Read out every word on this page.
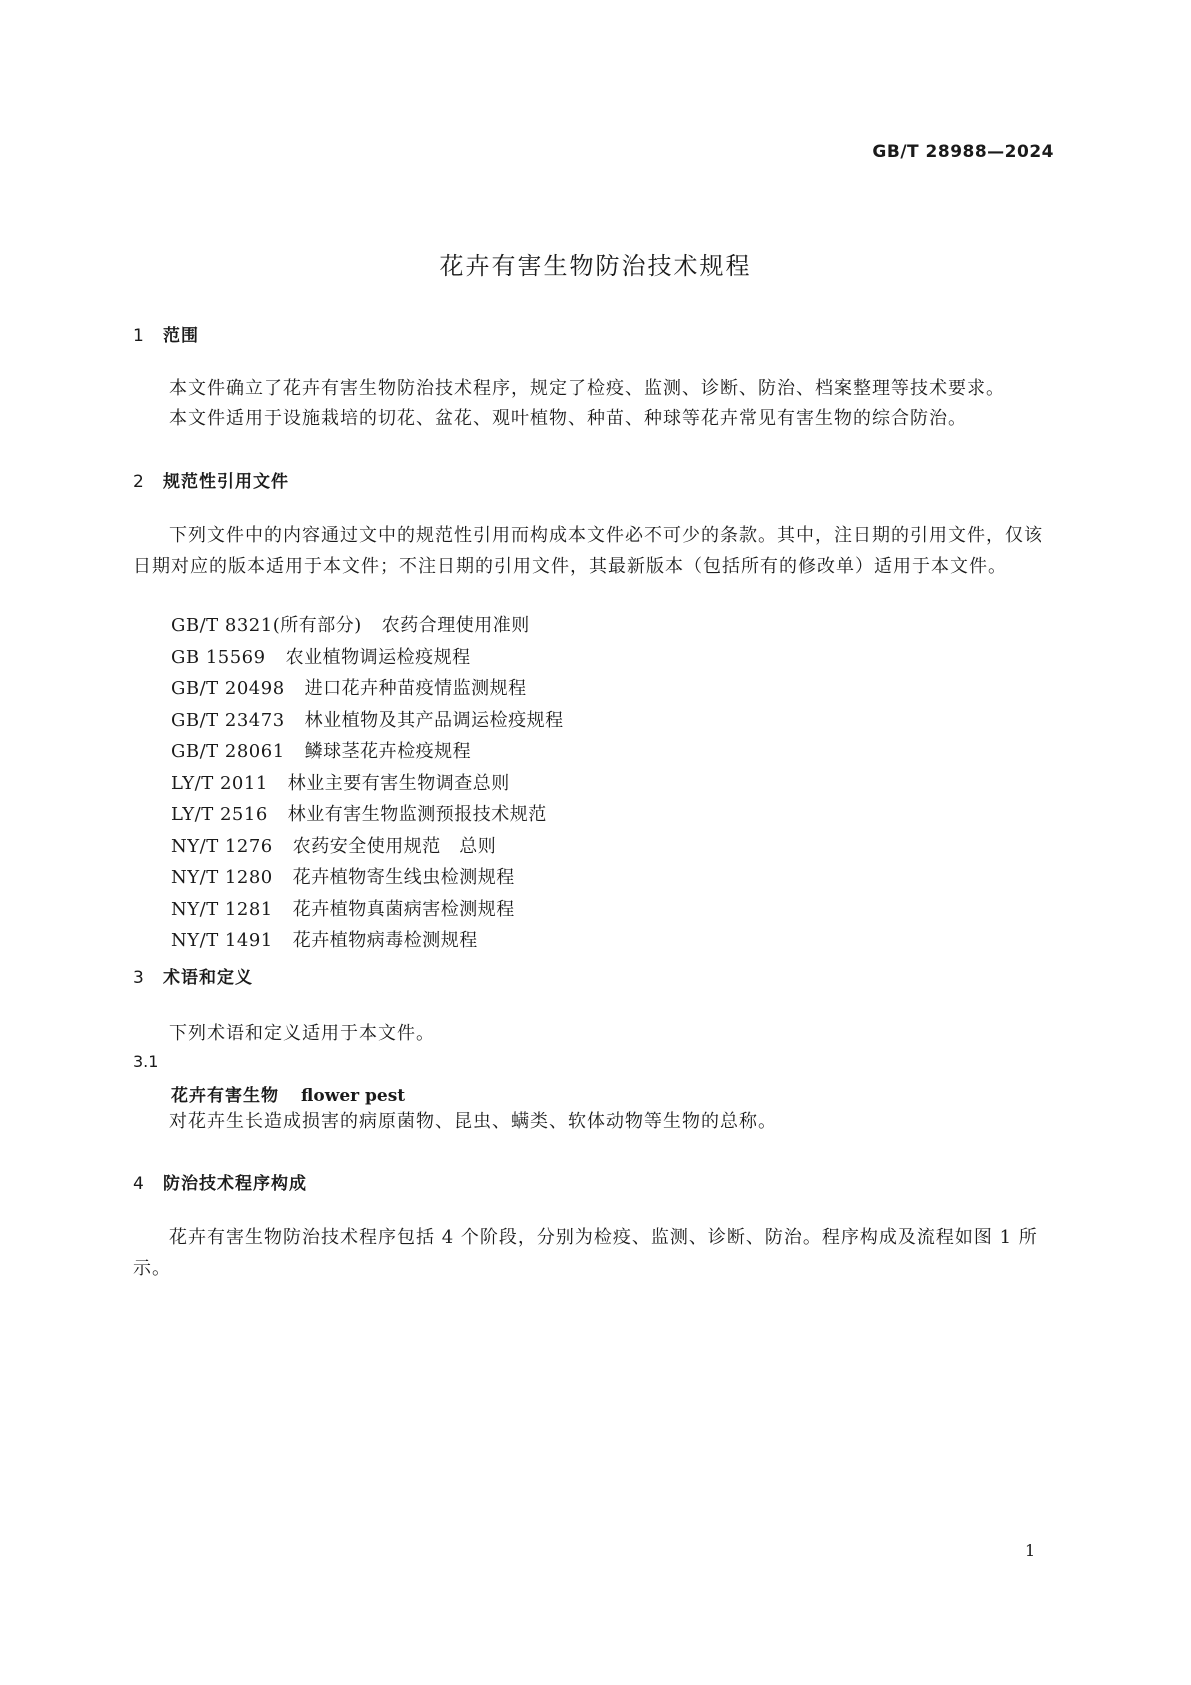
GB/T 28988—2024
花卉有害生物防治技术规程
1 范围

本文件确立了花卉有害生物防治技术程序，规定了检疫、监测、诊断、防治、档案整理等技术要求。

本文件适用于设施栽培的切花、盆花、观叶植物、种苗、种球等花卉常见有害生物的综合防治。

2 规范性引用文件

下列文件中的内容通过文中的规范性引用而构成本文件必不可少的条款。其中，注日期的引用文件，仅该日期对应的版本适用于本文件；不注日期的引用文件，其最新版本（包括所有的修改单）适用于本文件。

GB/T 8321(所有部分) 农药合理使用准则
GB 15569 农业植物调运检疫规程
GB/T 20498 进口花卉种苗疫情监测规程
GB/T 23473 林业植物及其产品调运检疫规程
GB/T 28061 鳞球茎花卉检疫规程
LY/T 2011 林业主要有害生物调查总则
LY/T 2516 林业有害生物监测预报技术规范
NY/T 1276 农药安全使用规范　总则
NY/T 1280 花卉植物寄生线虫检测规程
NY/T 1281 花卉植物真菌病害检测规程
NY/T 1491 花卉植物病毒检测规程
3 术语和定义

下列术语和定义适用于本文件。

3.1
花卉有害生物 flower pest

对花卉生长造成损害的病原菌物、昆虫、螨类、软体动物等生物的总称。

4 防治技术程序构成

花卉有害生物防治技术程序包括 4 个阶段，分别为检疫、监测、诊断、防治。程序构成及流程如图 1 所示。

1
